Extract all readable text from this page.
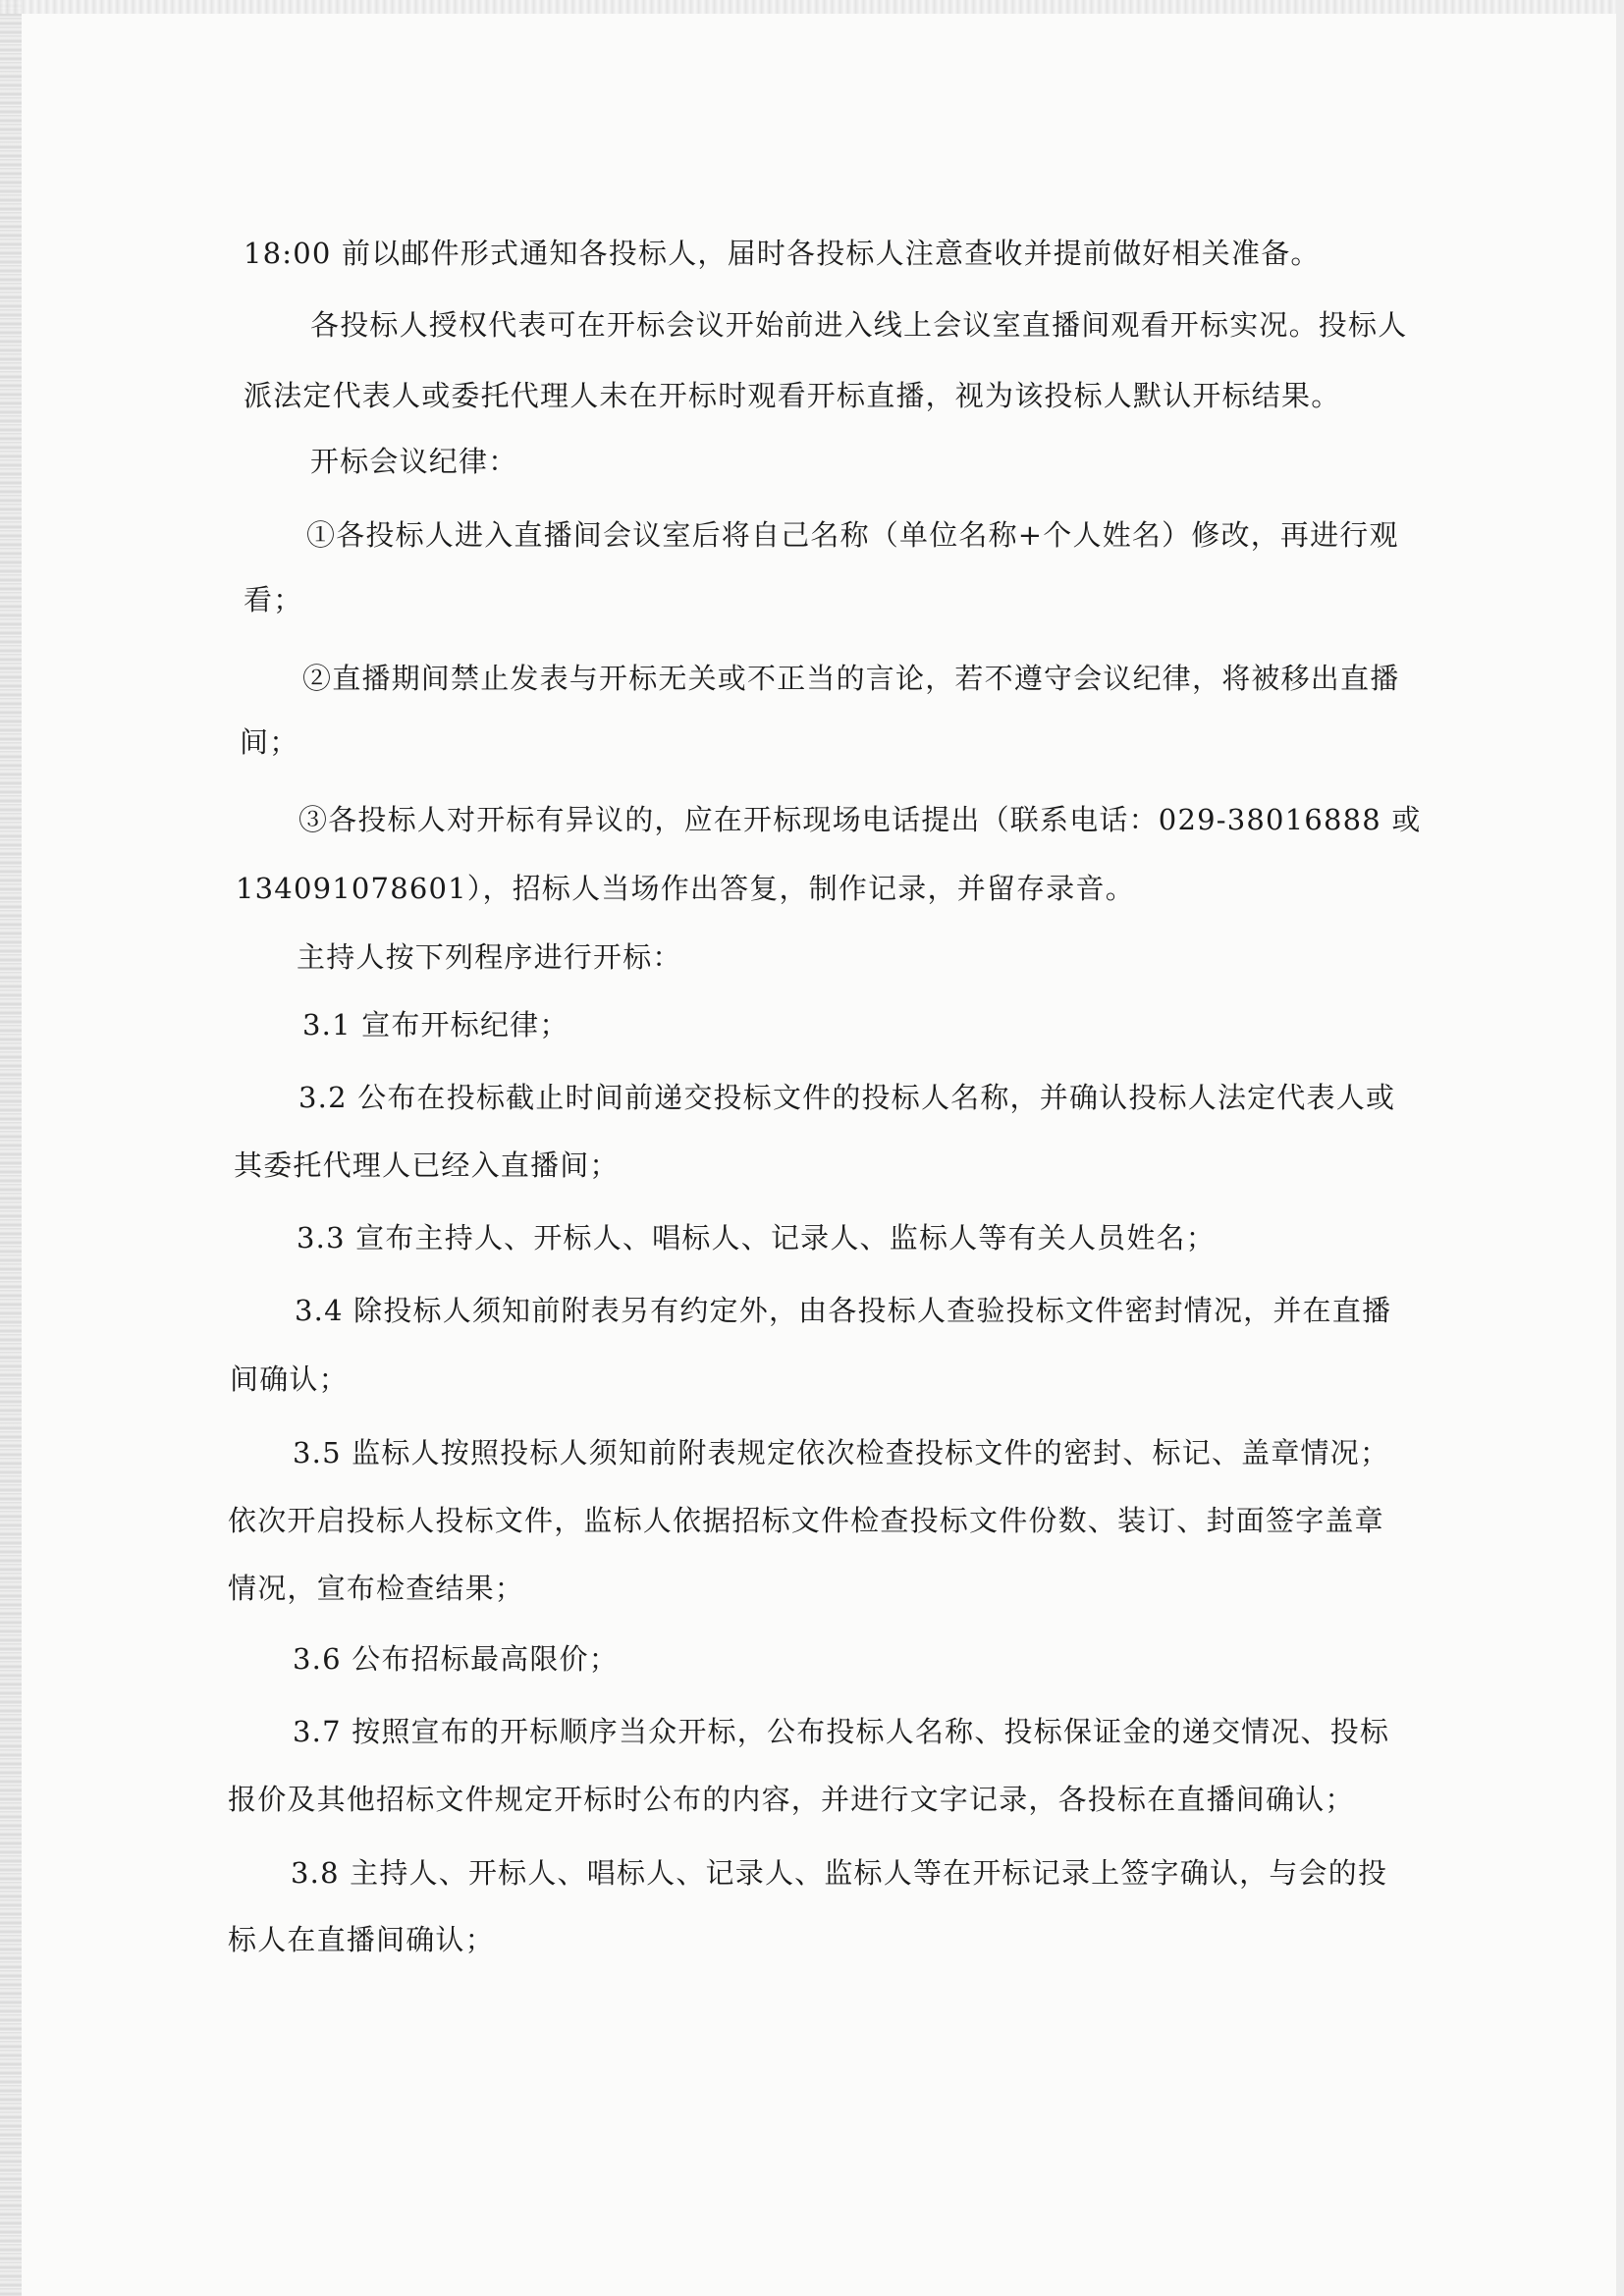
18:00 前以邮件形式通知各投标人，届时各投标人注意查收并提前做好相关准备。
各投标人授权代表可在开标会议开始前进入线上会议室直播间观看开标实况。投标人
派法定代表人或委托代理人未在开标时观看开标直播，视为该投标人默认开标结果。
开标会议纪律：
①各投标人进入直播间会议室后将自己名称（单位名称+个人姓名）修改，再进行观
看；
②直播期间禁止发表与开标无关或不正当的言论，若不遵守会议纪律，将被移出直播
间；
③各投标人对开标有异议的，应在开标现场电话提出（联系电话：029-38016888 或
134091078601），招标人当场作出答复，制作记录，并留存录音。
主持人按下列程序进行开标：
3.1 宣布开标纪律；
3.2 公布在投标截止时间前递交投标文件的投标人名称，并确认投标人法定代表人或
其委托代理人已经入直播间；
3.3 宣布主持人、开标人、唱标人、记录人、监标人等有关人员姓名；
3.4 除投标人须知前附表另有约定外，由各投标人查验投标文件密封情况，并在直播
间确认；
3.5 监标人按照投标人须知前附表规定依次检查投标文件的密封、标记、盖章情况；
依次开启投标人投标文件，监标人依据招标文件检查投标文件份数、装订、封面签字盖章
情况，宣布检查结果；
3.6 公布招标最高限价；
3.7 按照宣布的开标顺序当众开标，公布投标人名称、投标保证金的递交情况、投标
报价及其他招标文件规定开标时公布的内容，并进行文字记录，各投标在直播间确认；
3.8 主持人、开标人、唱标人、记录人、监标人等在开标记录上签字确认，与会的投
标人在直播间确认；
